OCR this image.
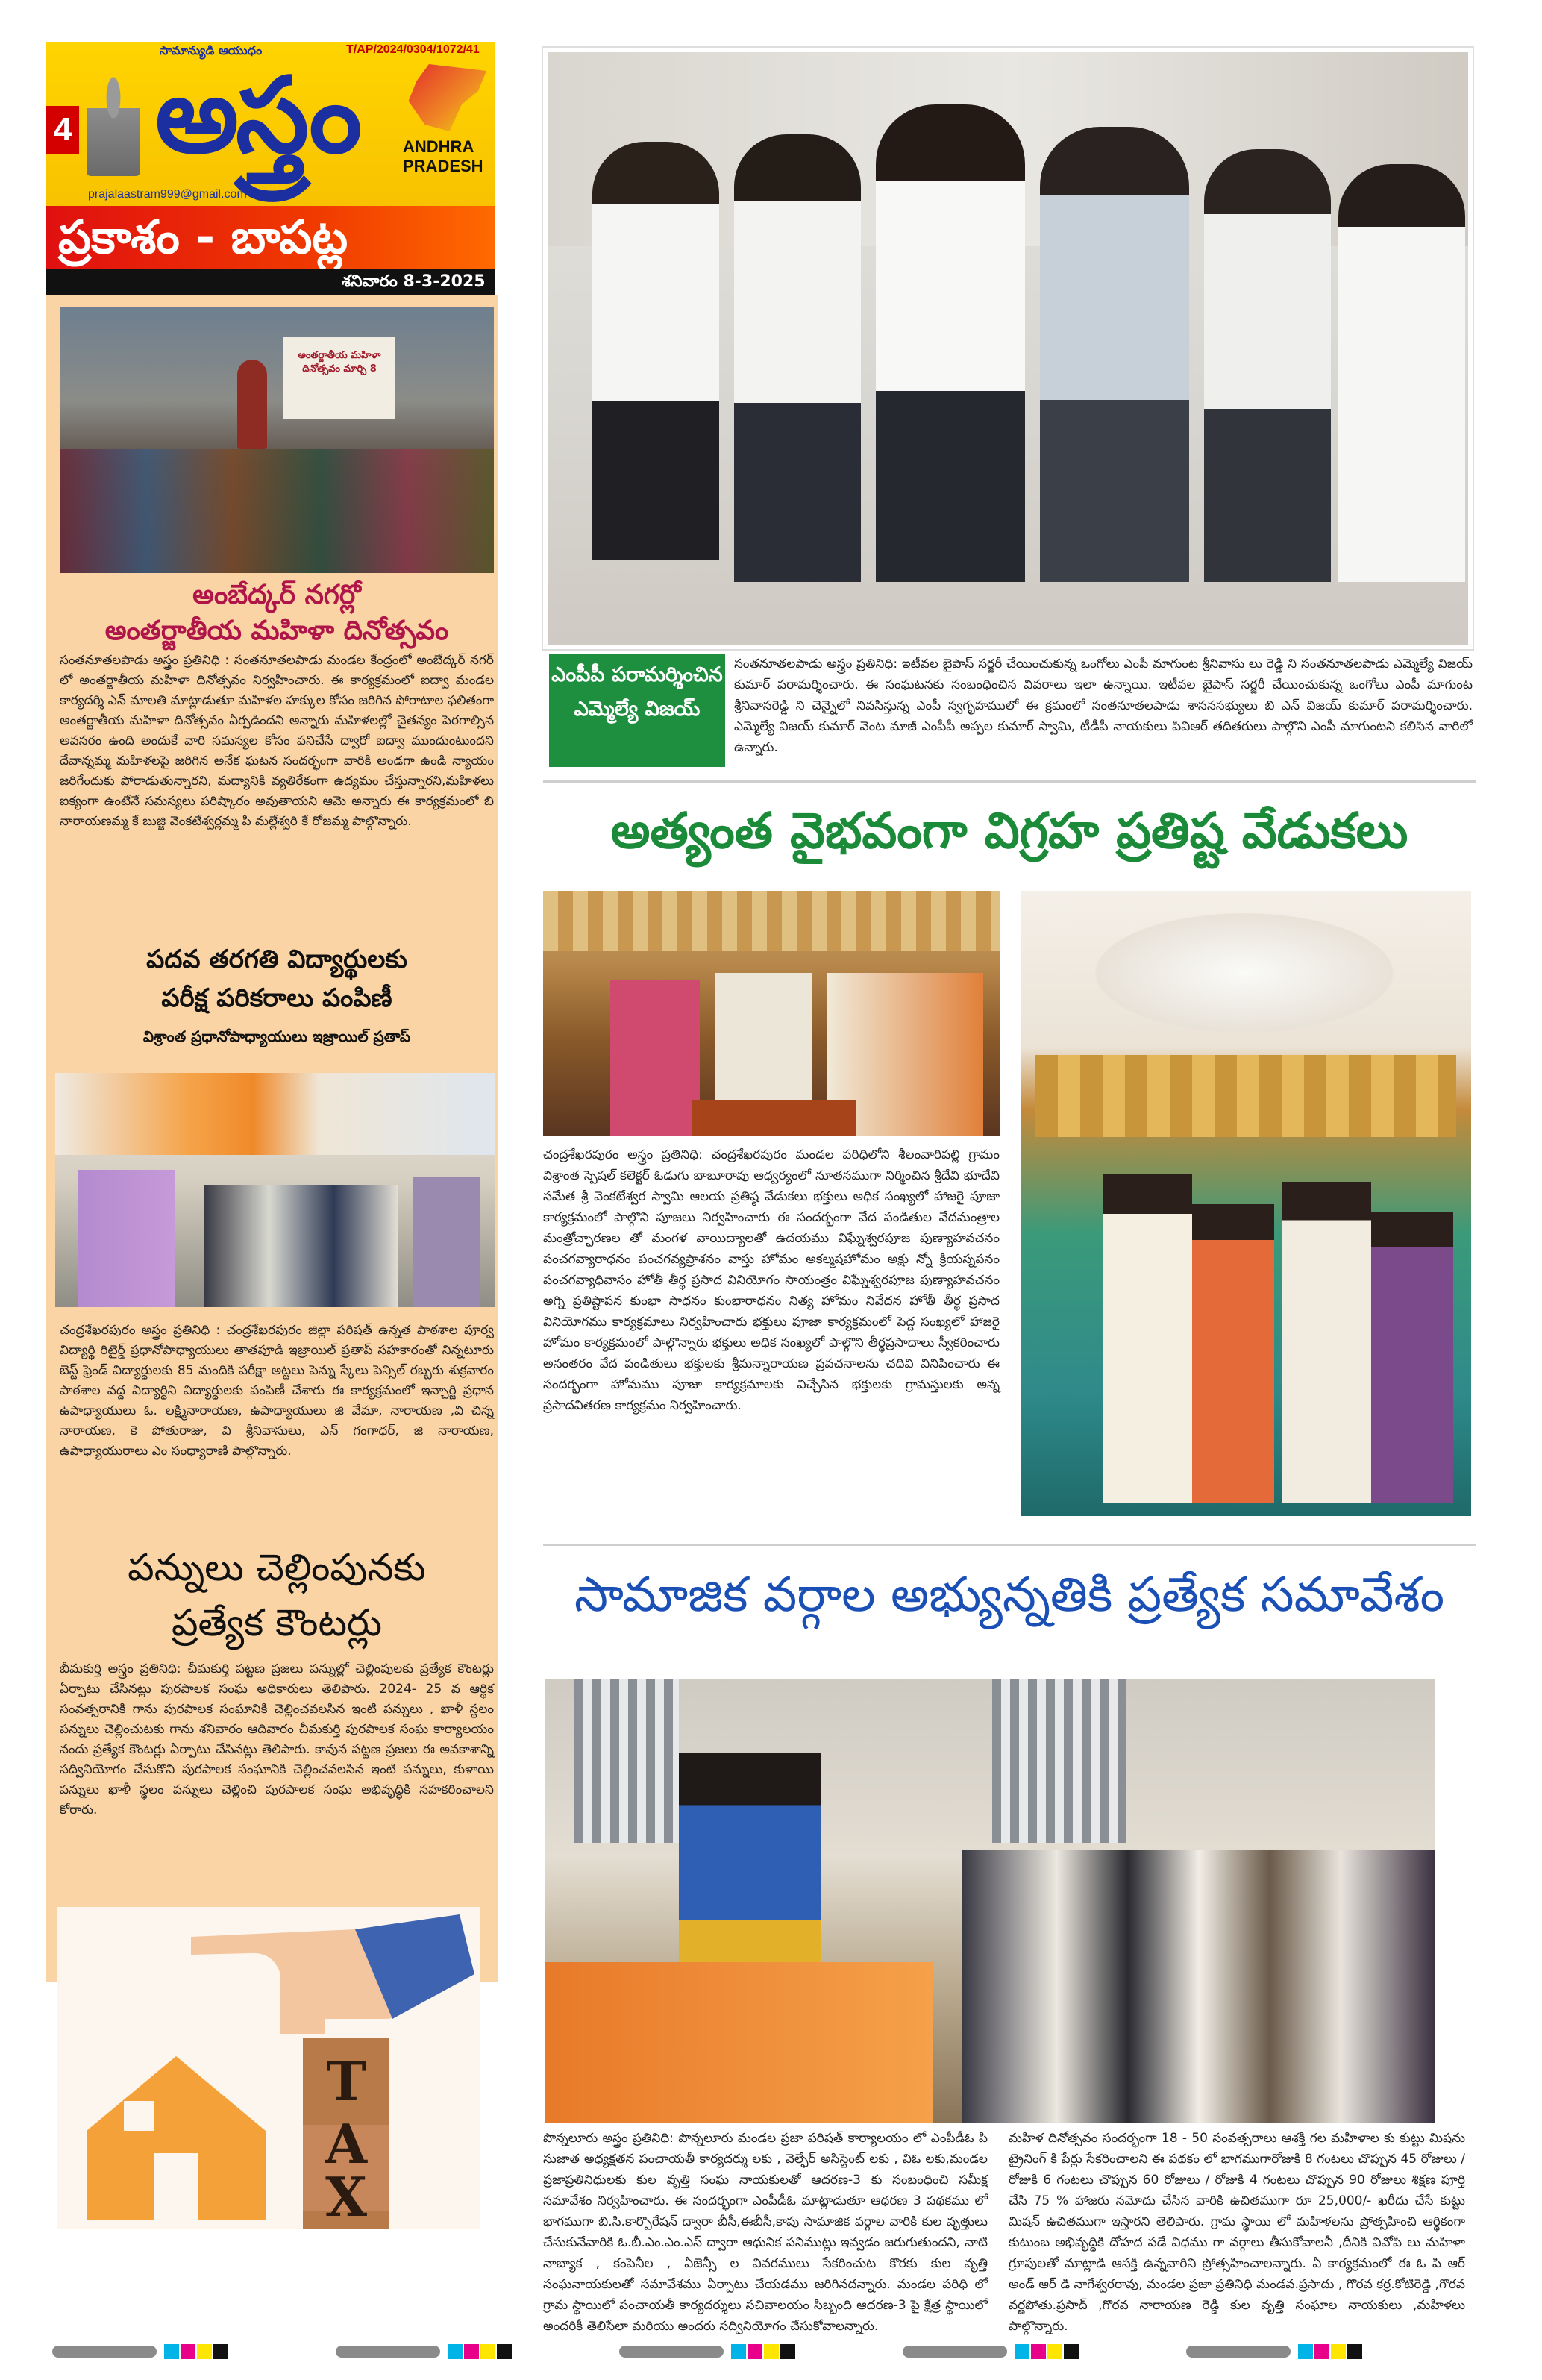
సామాన్యుడి ఆయుధం	T/AP/2024/0304/1072/41
4 అస్త్రం	ANDHRA
PRADESH
prajalaastram999@gmail.com
ప్రకాశం - బాపట్ల
శనివారం 8-3-2025
అంతర్జాతీయ మహిళా దినోత్సవం మార్చి 8
అంబేద్కర్ నగర్లో
అంతర్జాతీయ మహిళా దినోత్సవం
సంతనూతలపాడు అస్త్రం ప్రతినిధి : సంతనూతలపాడు మండల కేంద్రంలో అంబేద్కర్ నగర్ లో అంతర్జాతీయ మహిళా దినోత్సవం నిర్వహించారు. ఈ కార్యక్రమంలో ఐద్వా మండల కార్యదర్శి ఎన్ మాలతి మాట్లాడుతూ మహిళల హక్కుల కోసం జరిగిన పోరాటాల ఫలితంగా అంతర్జాతీయ మహిళా దినోత్సవం ఏర్పడిందని అన్నారు మహిళలల్లో చైతన్యం పెరగాల్సిన అవసరం ఉంది అందుకే వారి సమస్యల కోసం పనిచేసే ద్వారో ఐద్వా ముందుంటుందని దేవాన్నమ్మ మహిళలపై జరిగిన అనేక ఘటన సందర్భంగా వారికి అండగా ఉండి న్యాయం జరిగేందుకు పోరాడుతున్నారని, మద్యానికి వ్యతిరేకంగా ఉద్యమం చేస్తున్నారని,మహిళలు ఐక్యంగా ఉంటేనే సమస్యలు పరిష్కారం అవుతాయని ఆమె అన్నారు ఈ కార్యక్రమంలో బి నారాయణమ్మ కే బుజ్జి వెంకటేశ్వర్లమ్మ పి మల్లేశ్వరి కే రోజమ్మ పాల్గొన్నారు.
పదవ తరగతి విద్యార్థులకు
పరీక్ష పరికరాలు పంపిణీ
విశ్రాంత ప్రధానోపాధ్యాయులు ఇజ్రాయిల్ ప్రతాప్
చంద్రశేఖరపురం అస్త్రం ప్రతినిధి : చంద్రశేఖరపురం జిల్లా పరిషత్ ఉన్నత పాఠశాల పూర్వ విద్యార్థి రిటైర్డ్ ప్రధానోపాధ్యాయులు తాతపూడి ఇజ్రాయిల్ ప్రతాప్ సహకారంతో నిన్నటూరు బెస్ట్ ఫ్రెండ్ విద్యార్థులకు 85 మందికి పరీక్షా అట్టలు పెన్ను స్కేలు పెన్సిల్ రబ్బరు శుక్రవారం పాఠశాల వద్ద విద్యార్థిని విద్యార్థులకు పంపిణీ చేశారు ఈ కార్యక్రమంలో ఇన్చార్జి ప్రధాన ఉపాధ్యాయులు ఓ. లక్ష్మినారాయణ, ఉపాధ్యాయులు జి వేమా, నారాయణ ,వి చిన్న నారాయణ, కె పోతురాజు, వి శ్రీనివాసులు, ఎన్ గంగాధర్, జి నారాయణ, ఉపాధ్యాయురాలు ఎం సంధ్యారాణి పాల్గొన్నారు.
పన్నులు చెల్లింపునకు
ప్రత్యేక కౌంటర్లు
బీమకుర్తి అస్త్రం ప్రతినిధి: చీమకుర్తి పట్టణ ప్రజలు పన్నుల్లో చెల్లింపులకు ప్రత్యేక కౌంటర్లు ఏర్పాటు చేసినట్లు పురపాలక సంఘ అధికారులు తెలిపారు. 2024- 25 వ ఆర్థిక సంవత్సరానికి గాను పురపాలక సంఘానికి చెల్లించవలసిన ఇంటి పన్నులు , ఖాళీ స్థలం పన్నులు చెల్లించుటకు గాను శనివారం ఆదివారం చీమకుర్తి పురపాలక సంఘ కార్యాలయం నందు ప్రత్యేక కౌంటర్లు ఏర్పాటు చేసినట్లు తెలిపారు. కావున పట్టణ ప్రజలు ఈ అవకాశాన్ని సద్వినియోగం చేసుకొని పురపాలక సంఘానికి చెల్లించవలసిన ఇంటి పన్నులు, కుళాయి పన్నులు ఖాళీ స్థలం పన్నులు చెల్లించి పురపాలక సంఘ అభివృద్ధికి సహకరించాలని కోరారు.
T
A
X
ఎంపీపీ పరామర్శించిన ఎమ్మెల్యే విజయ్
సంతనూతలపాడు అస్త్రం ప్రతినిధి: ఇటీవల బైపాస్ సర్జరీ చేయించుకున్న ఒంగోలు ఎంపీ మాగుంట శ్రీనివాసు లు రెడ్డి ని సంతనూతలపాడు ఎమ్మెల్యే విజయ్ కుమార్ పరామర్శించారు. ఈ సంఘటనకు సంబంధించిన వివరాలు ఇలా ఉన్నాయి. ఇటీవల బైపాస్ సర్జరీ చేయించుకున్న ఒంగోలు ఎంపీ మాగుంట శ్రీనివాసరెడ్డి ని చెన్నైలో నివసిస్తున్న ఎంపీ స్వగృహములో ఈ క్రమంలో సంతనూతలపాడు శాసనసభ్యులు బి ఎన్ విజయ్ కుమార్ పరామర్శించారు. ఎమ్మెల్యే విజయ్ కుమార్ వెంట మాజీ ఎంపీపీ అప్పల కుమార్ స్వామి, టీడీపీ నాయకులు పివిఆర్ తదితరులు పాల్గొని ఎంపీ మాగుంటని కలిసిన వారిలో ఉన్నారు.
అత్యంత వైభవంగా విగ్రహ ప్రతిష్ట వేడుకలు
చంద్రశేఖరపురం అస్త్రం ప్రతినిధి: చంద్రశేఖరపురం మండల పరిధిలోని శీలంవారిపల్లి గ్రామం విశ్రాంత స్పెషల్ కలెక్టర్ ఓడుగు బాబూరావు ఆధ్వర్యంలో నూతనముగా నిర్మించిన శ్రీదేవి భూదేవి సమేత శ్రీ వెంకటేశ్వర స్వామి ఆలయ ప్రతిష్ఠ వేడుకలు భక్తులు అధిక సంఖ్యలో హాజరై పూజా కార్యక్రమంలో పాల్గొని పూజలు నిర్వహించారు ఈ సందర్భంగా వేద పండితుల వేదమంత్రాల మంత్రోచ్ఛారణల తో మంగళ వాయిద్యాలతో ఉదయము విఘ్నేశ్వరపూజ పుణ్యాహవచనం పంచగవ్యారాధనం పంచగవ్యప్రాశనం వాస్తు హోమం అకల్మషహోమం అక్షు న్నో క్రియస్నపనం పంచగవ్యాధివాసం హోతీ తీర్థ ప్రసాద వినియోగం సాయంత్రం విఘ్నేశ్వరపూజ పుణ్యాహవచనం అగ్ని ప్రతిష్టాపన కుంభా సాధనం కుంభారాధనం నిత్య హోమం నివేదన హోతీ తీర్థ ప్రసాద వినియోగము కార్యక్రమాలు నిర్వహించారు భక్తులు పూజా కార్యక్రమంలో పెద్ద సంఖ్యలో హాజరై హోమం కార్యక్రమంలో పాల్గొన్నారు భక్తులు అధిక సంఖ్యలో పాల్గొని తీర్థప్రసాదాలు స్వీకరించారు అనంతరం వేద పండితులు భక్తులకు శ్రీమన్నారాయణ ప్రవచనాలను చదివి వినిపించారు ఈ సందర్భంగా హోమము పూజా కార్యక్రమాలకు విచ్చేసిన భక్తులకు గ్రామస్తులకు అన్న ప్రసాదవితరణ కార్యక్రమం నిర్వహించారు.
సామాజిక వర్గాల అభ్యున్నతికి ప్రత్యేక సమావేశం
పొన్నలూరు అస్త్రం ప్రతినిధి: పొన్నలూరు మండల ప్రజా పరిషత్ కార్యాలయం లో ఎంపీడీఓ పి సుజాత అధ్యక్షతన పంచాయతీ కార్యదర్శు లకు , వెల్ఫేర్ అసిస్టెంట్ లకు , విఓ లకు,మండల ప్రజాప్రతినిధులకు కుల వృత్తి సంఘ నాయకులతో ఆదరణ-3 కు సంబంధించి సమీక్ష సమావేశం నిర్వహించారు. ఈ సందర్భంగా ఎంపీడీఓ మాట్లాడుతూ ఆధరణ 3 పథకము లో భాగముగా బి.సి.కార్పొరేషన్ ద్వారా బీసీ,ఈబీసీ,కాపు సామాజిక వర్గాల వారికి కుల వృత్తులు చేసుకునేవారికి ఓ.బీ.ఎం.ఎం.ఎస్ ద్వారా ఆధునిక పనిముట్లు ఇవ్వడం జరుగుతుందని, నాటి నాబ్యాక , కంపెనీల , ఏజెన్సీ ల వివరములు సేకరించుట కొరకు కుల వృత్తి సంఘనాయకులతో సమావేశము ఏర్పాటు చేయడము జరిగినదన్నారు. మండల పరిధి లో గ్రామ స్థాయిలో పంచాయతీ కార్యదర్శులు సచివాలయం సిబ్బంది ఆదరణ-3 పై క్షేత్ర స్థాయిలో అందరికీ తెలిసేలా మరియు అందరు సద్వినియోగం చేసుకోవాలన్నారు.
మహిళ దినోత్సవం సందర్భంగా 18 - 50 సంవత్సరాలు ఆశక్తి గల మహిళాల కు కుట్టు మిషను ట్రైనింగ్ కి పేర్లు సేకరించాలని ఈ పథకం లో భాగముగారోజుకి 8 గంటలు చొప్పున 45 రోజులు /రోజుకి 6 గంటలు చొప్పున 60 రోజులు / రోజుకి 4 గంటలు చొప్పున 90 రోజులు శిక్షణ పూర్తి చేసి 75 % హాజరు నమోదు చేసిన వారికి ఉచితముగా రూ 25,000/- ఖరీదు చేసే కుట్టు మిషన్ ఉచితముగా ఇస్తారని తెలిపారు. గ్రామ స్థాయి లో మహిళలను ప్రోత్సహించి ఆర్థికంగా కుటుంబ అభివృద్ధికి దోహద పడే విధము గా వర్గాలు తీసుకోవాలనీ ,దీనికి వివోపి లు మహిళా గ్రూపులతో మాట్లాడి ఆసక్తి ఉన్నవారిని ప్రోత్సహించాలన్నారు. ఏ కార్యక్రమంలో ఈ ఓ పి ఆర్ అండ్ ఆర్ డి నాగేశ్వరరావు, మండల ప్రజా ప్రతినిధి మండవ.ప్రసాదు , గొరవ కర్ర.కోటిరెడ్డి ,గొరవ వర్ణపోతు.ప్రసాద్ ,గొరవ నారాయణ రెడ్డి కుల వృత్తి సంఘాల నాయకులు ,మహిళలు పాల్గొన్నారు.
